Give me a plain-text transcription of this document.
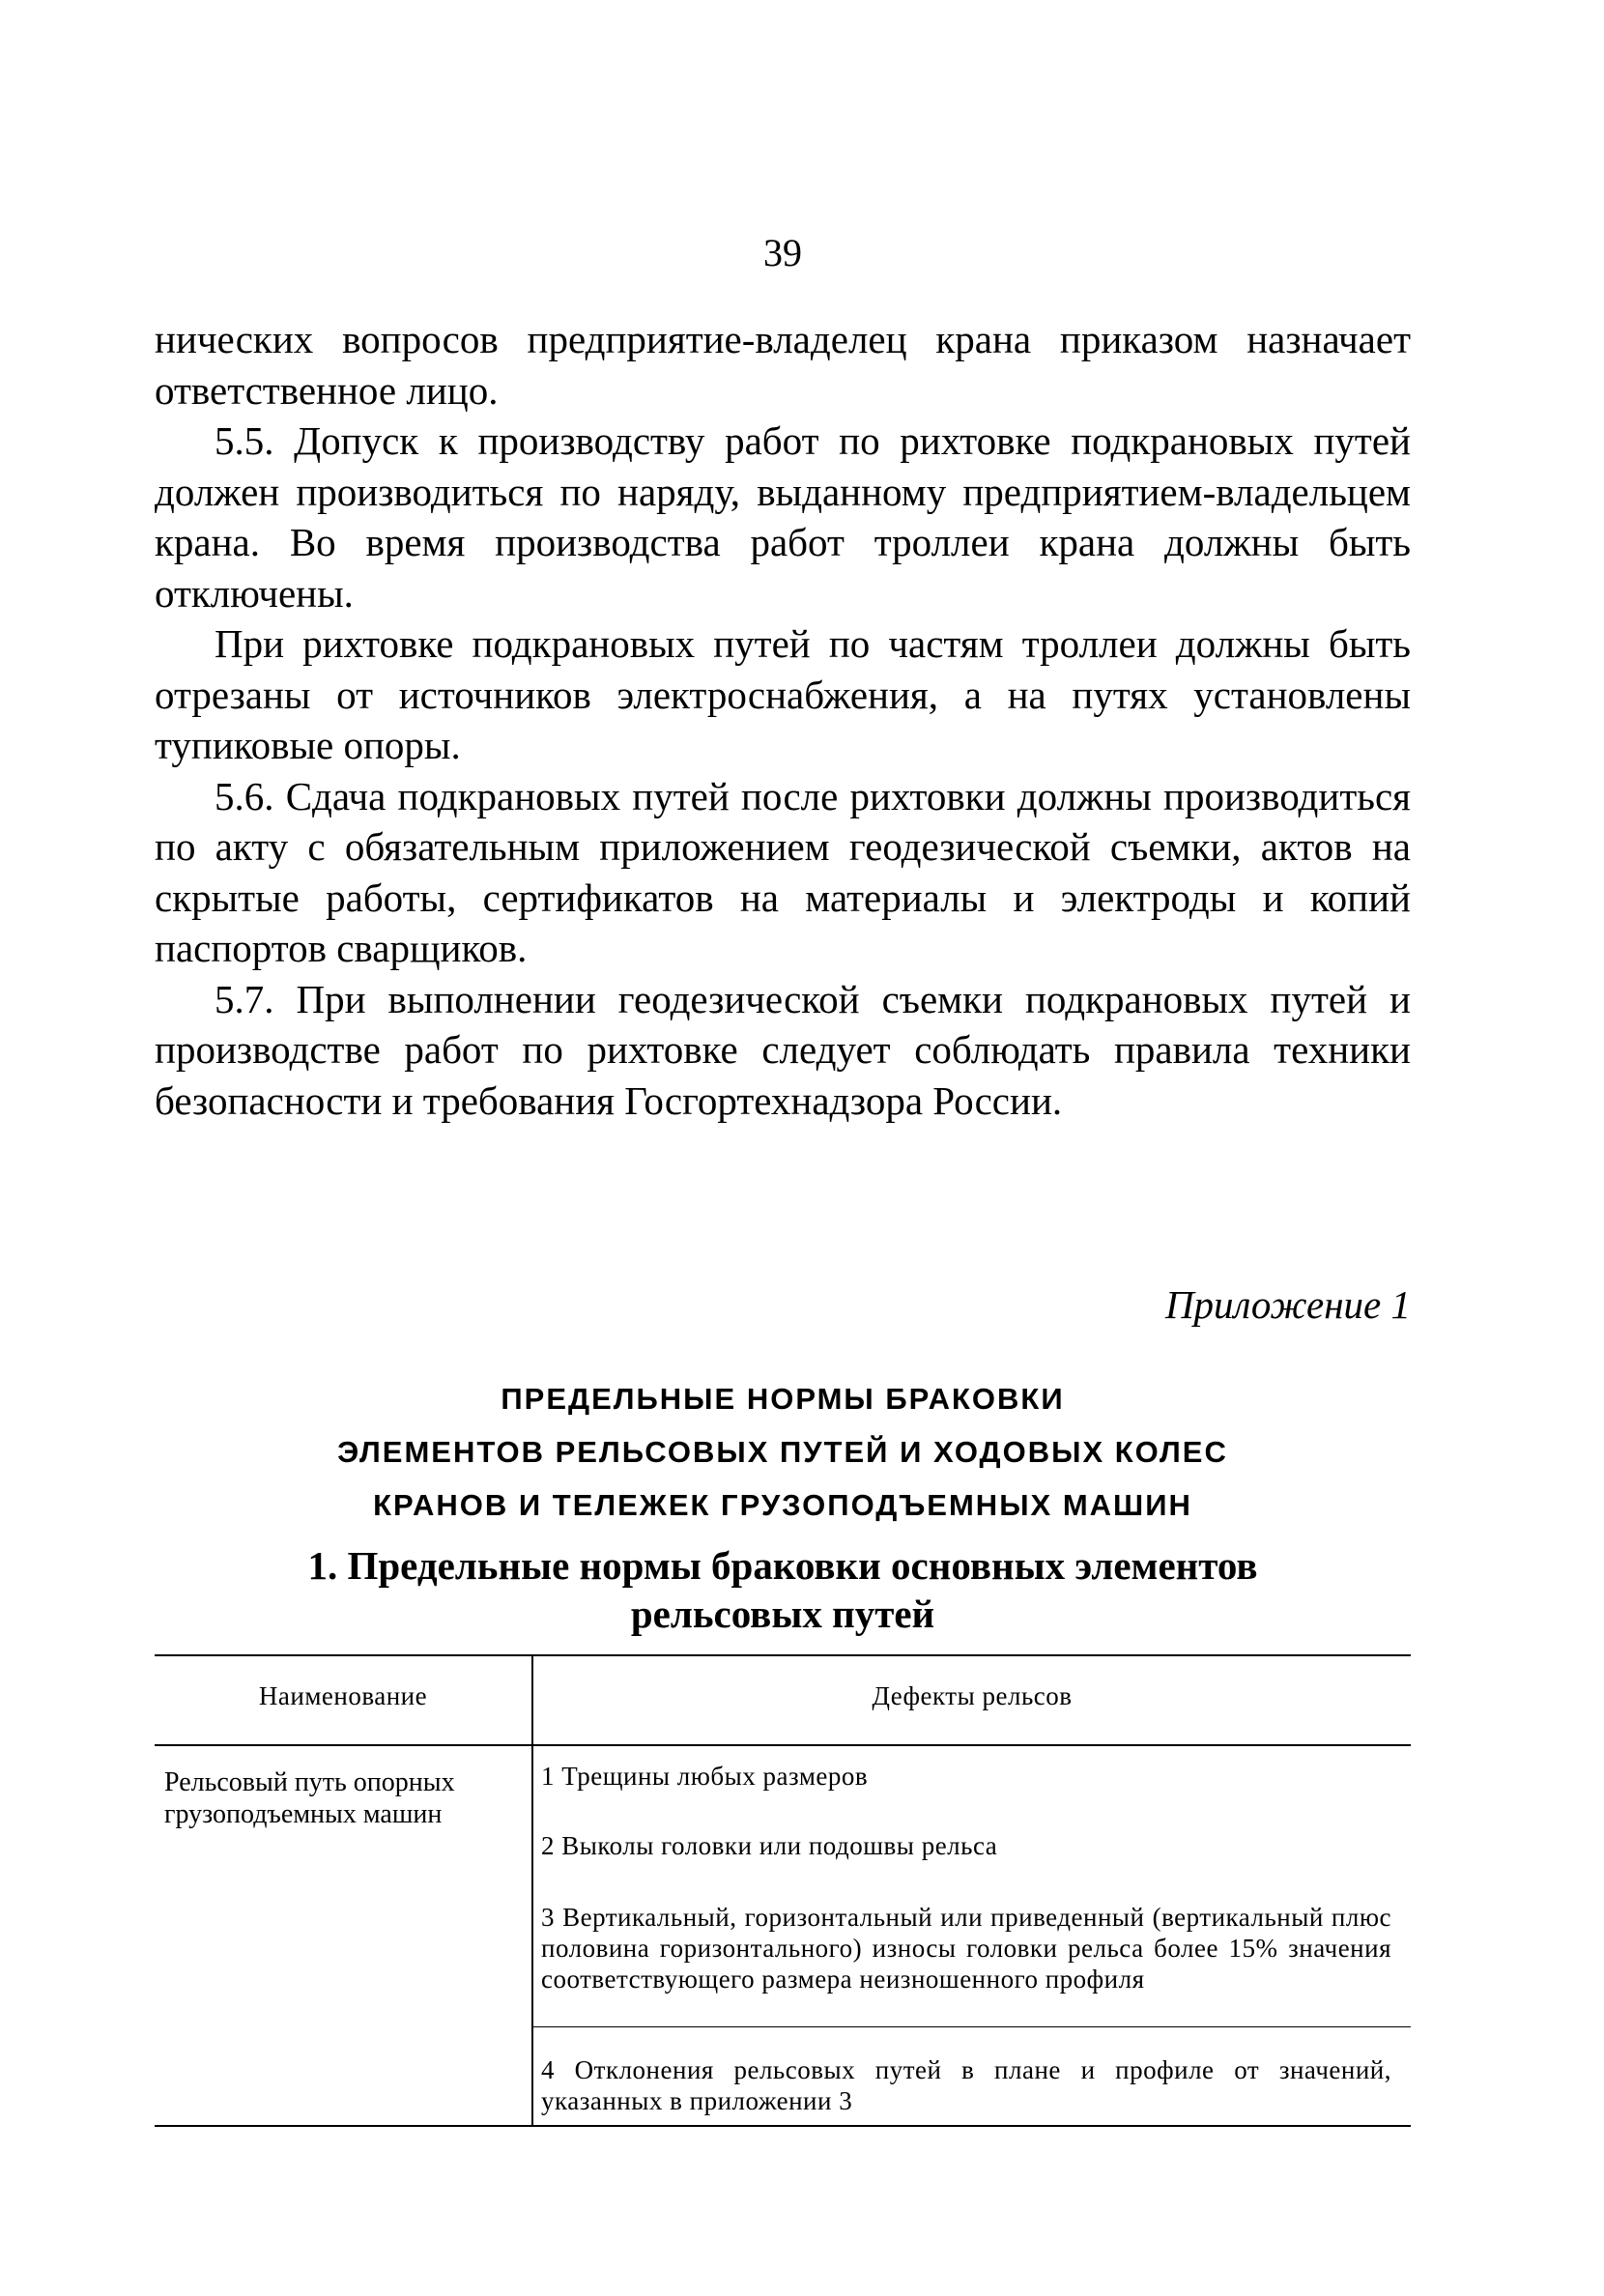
39

нических вопросов предприятие-владелец крана приказом назначает ответственное лицо.

5.5. Допуск к производству работ по рихтовке подкрановых путей должен производиться по наряду, выданному предприятием-владельцем крана. Во время производства работ троллеи крана должны быть отключены.

При рихтовке подкрановых путей по частям троллеи должны быть отрезаны от источников электроснабжения, а на путях установлены тупиковые опоры.

5.6. Сдача подкрановых путей после рихтовки должны производиться по акту с обязательным приложением геодезической съемки, актов на скрытые работы, сертификатов на материалы и электроды и копий паспортов сварщиков.

5.7. При выполнении геодезической съемки подкрановых путей и производстве работ по рихтовке следует соблюдать правила техники безопасности и требования Госгортехнадзора России.

Приложение 1
ПРЕДЕЛЬНЫЕ НОРМЫ БРАКОВКИ
ЭЛЕМЕНТОВ РЕЛЬСОВЫХ ПУТЕЙ И ХОДОВЫХ КОЛЕС
КРАНОВ И ТЕЛЕЖЕК ГРУЗОПОДЪЕМНЫХ МАШИН
1. Предельные нормы браковки основных элементов
рельсовых путей
Наименование	Дефекты рельсов
Рельсовый путь опорных грузоподъемных машин
1 Трещины любых размеров
2 Выколы головки или подошвы рельса
3 Вертикальный, горизонтальный или приведенный (вертикальный плюс половина горизонтального) износы головки рельса более 15% значения соответствующего размера неизношенного профиля
4 Отклонения рельсовых путей в плане и профиле от значений, указанных в приложении 3
